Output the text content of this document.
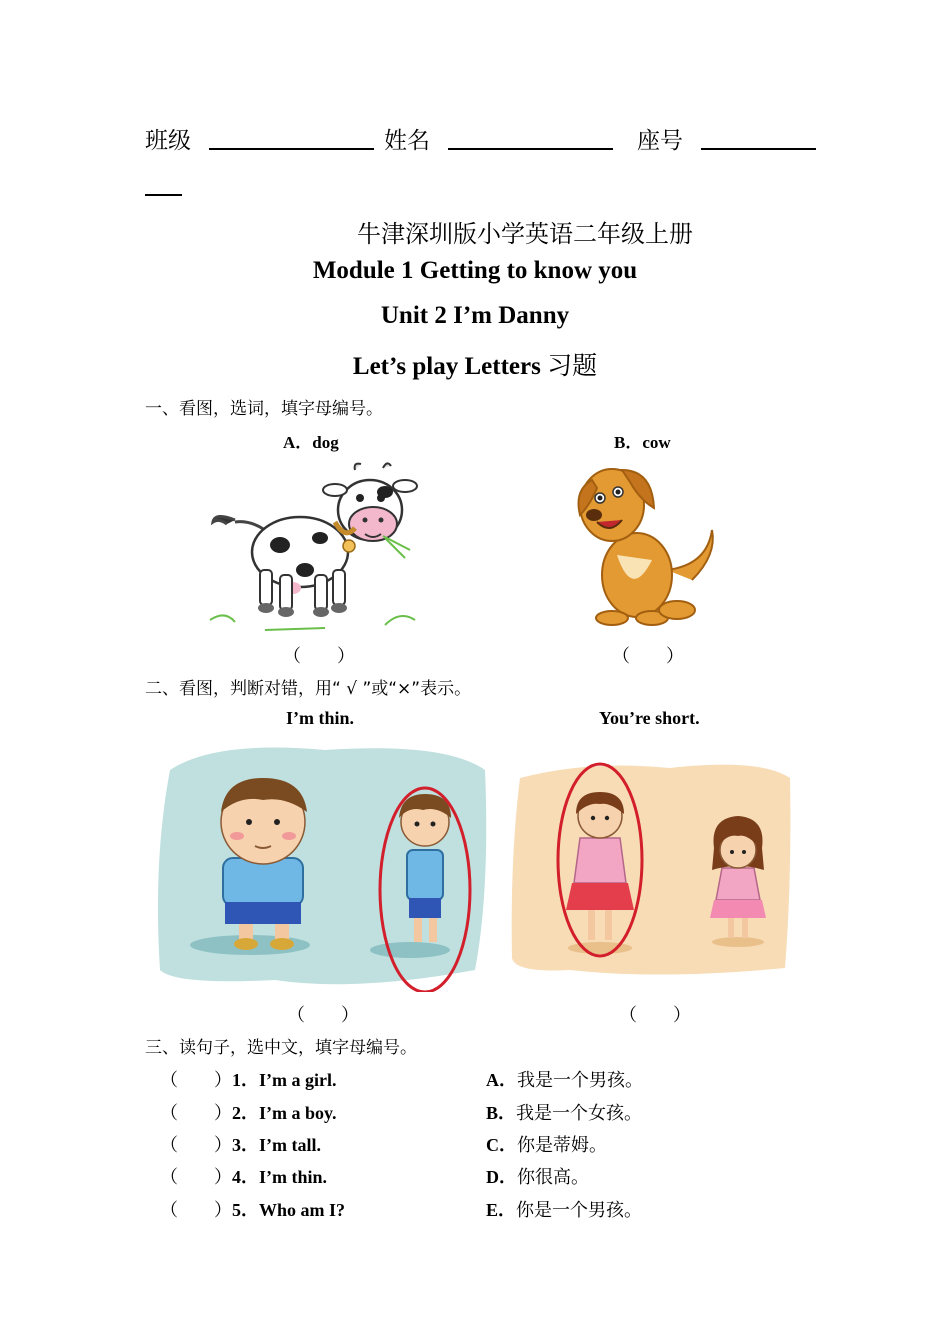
班级	姓名	座号
牛津深圳版小学英语二年级上册
Module 1 Getting to know you
Unit 2 I’m Danny
Let’s play Letters 习题
一、看图，选词，填字母编号。
A．dog	B．cow
（　　）	（　　）
二、看图，判断对错，用“ √ ”或“×”表示。
I’m thin.	You’re short.
（　　）	（　　）
三、读句子，选中文，填字母编号。
（　　）1．I’m a girl.
（　　）2．I’m a boy.
（　　）3．I’m tall.
（　　）4．I’m thin.
（　　）5．Who am I?
A．我是一个男孩。
B．我是一个女孩。
C．你是蒂姆。
D．你很高。
E．你是一个男孩。
